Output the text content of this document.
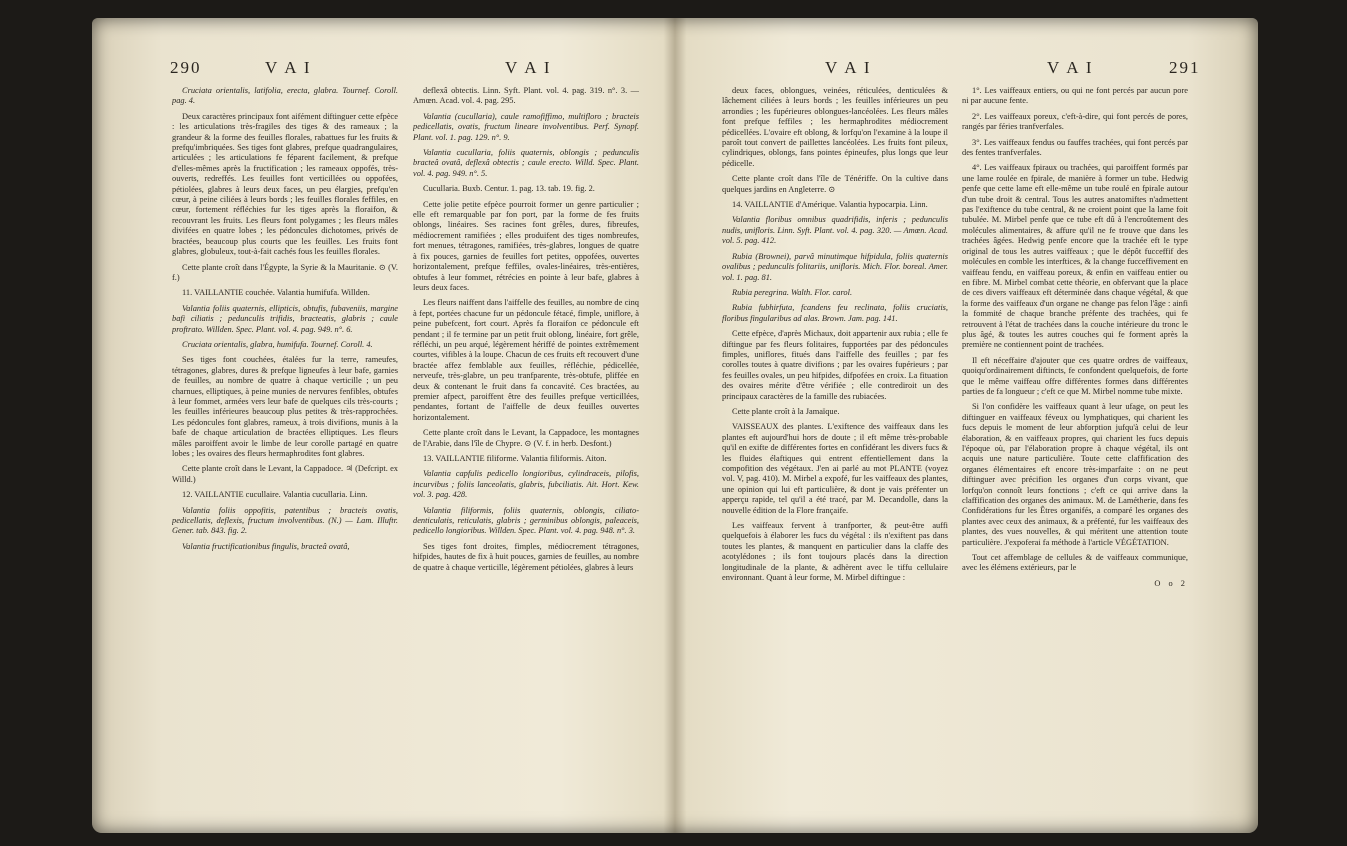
290	V A I	V A I

Cruciata orientalis, latifolia, erecta, glabra. Tournef. Coroll. pag. 4.

Deux caractères principaux font aifément diftinguer cette efpèce : les articulations très-fragiles des tiges & des rameaux ; la grandeur & la forme des feuilles florales, rabattues fur les fruits & prefqu'imbriquées. Ses tiges font glabres, prefque quadrangulaires, articulées ; les articulations fe féparent facilement, & prefque d'elles-mêmes après la fructification ; les rameaux oppofés, très-ouverts, redreffés. Les feuilles font verticillées ou oppofées, pétiolées, glabres à leurs deux faces, un peu élargies, prefqu'en cœur, à peine ciliées à leurs bords ; les feuilles florales feffiles, en cœur, fortement réfléchies fur les tiges après la floraifon, & recouvrant les fruits. Les fleurs font polygames ; les fleurs mâles divifées en quatre lobes ; les pédoncules dichotomes, privés de bractées, beaucoup plus courts que les feuilles. Les fruits font glabres, globuleux, tout-à-fait cachés fous les feuilles florales.

Cette plante croît dans l'Égypte, la Syrie & la Mauritanie. ⊙ (V. f.)

11. VAILLANTIE couchée. Valantia humifufa. Willden.

Valantia foliis quaternis, ellipticis, obtufis, fubaveniis, margine bafi ciliatis ; pedunculis trifidis, bracteatis, glabris ; caule proftrato. Willden. Spec. Plant. vol. 4. pag. 949. n°. 6.

Cruciata orientalis, glabra, humifufa. Tournef. Coroll. 4.

Ses tiges font couchées, étalées fur la terre, rameufes, tétragones, glabres, dures & prefque ligneufes à leur bafe, garnies de feuilles, au nombre de quatre à chaque verticille ; un peu charnues, elliptiques, à peine munies de nervures fenfibles, obtufes à leur fommet, armées vers leur bafe de quelques cils très-courts ; les feuilles inférieures beaucoup plus petites & très-rapprochées. Les pédoncules font glabres, rameux, à trois divifions, munis à la bafe de chaque articulation de bractées elliptiques. Les fleurs mâles paroiffent avoir le limbe de leur corolle partagé en quatre lobes ; les ovaires des fleurs hermaphrodites font glabres.

Cette plante croît dans le Levant, la Cappadoce. ♃ (Defcript. ex Willd.)

12. VAILLANTIE cucullaire. Valantia cucullaria. Linn.

Valantia foliis oppofitis, patentibus ; bracteis ovatis, pedicellatis, deflexis, fructum involventibus. (N.) — Lam. Illuftr. Gener. tab. 843. fig. 2.

Valantia fructificationibus fingulis, bracteâ ovatâ,

deflexâ obtectis. Linn. Syft. Plant. vol. 4. pag. 319. n°. 3. — Amœn. Acad. vol. 4. pag. 295.

Valantia (cucullaria), caule ramofiffimo, multifloro ; bracteis pedicellatis, ovatis, fructum lineare involventibus. Perf. Synopf. Plant. vol. 1. pag. 129. n°. 9.

Valantia cucullaria, foliis quaternis, oblongis ; pedunculis bracteâ ovatâ, deflexâ obtectis ; caule erecto. Willd. Spec. Plant. vol. 4. pag. 949. n°. 5.

Cucullaria. Buxb. Centur. 1. pag. 13. tab. 19. fig. 2.

Cette jolie petite efpèce pourroit former un genre particulier ; elle eft remarquable par fon port, par la forme de fes fruits oblongs, linéaires. Ses racines font grêles, dures, fibreufes, médiocrement ramifiées ; elles produifent des tiges nombreufes, fort menues, tétragones, ramifiées, très-glabres, longues de quatre à fix pouces, garnies de feuilles fort petites, oppofées, ouvertes horizontalement, prefque feffiles, ovales-linéaires, très-entières, obtufes à leur fommet, rétrécies en pointe à leur bafe, glabres à leurs deux faces.

Les fleurs naiffent dans l'aiffelle des feuilles, au nombre de cinq à fept, portées chacune fur un pédoncule fétacé, fimple, uniflore, à peine pubefcent, fort court. Après fa floraifon ce pédoncule eft pendant ; il fe termine par un petit fruit oblong, linéaire, fort grêle, réfléchi, un peu arqué, légèrement hériffé de pointes extrêmement courtes, vifibles à la loupe. Chacun de ces fruits eft recouvert d'une bractée affez femblable aux feuilles, réfléchie, pédicellée, nerveufe, très-glabre, un peu tranfparente, très-obtufe, pliffée en deux & contenant le fruit dans fa concavité. Ces bractées, au premier afpect, paroiffent être des feuilles prefque verticillées, pendantes, fortant de l'aiffelle de deux feuilles ouvertes horizontalement.

Cette plante croît dans le Levant, la Cappadoce, les montagnes de l'Arabie, dans l'île de Chypre. ⊙ (V. f. in herb. Desfont.)

13. VAILLANTIE filiforme. Valantia filiformis. Aiton.

Valantia capfulis pedicello longioribus, cylindraceis, pilofis, incurvibus ; foliis lanceolatis, glabris, fubciliatis. Ait. Hort. Kew. vol. 3. pag. 428.

Valantia filiformis, foliis quaternis, oblongis, ciliato-denticulatis, reticulatis, glabris ; germinibus oblongis, paleaceis, pedicello longioribus. Willden. Spec. Plant. vol. 4. pag. 948. n°. 3.

Ses tiges font droites, fimples, médiocrement tétragones, hifpides, hautes de fix à huit pouces, garnies de feuilles, au nombre de quatre à chaque verticille, légèrement pétiolées, glabres à leurs

V A I	V A I	291

deux faces, oblongues, veinées, réticulées, denticulées & lâchement ciliées à leurs bords ; les feuilles inférieures un peu arrondies ; les fupérieures oblongues-lancéolées. Les fleurs mâles font prefque feffiles ; les hermaphrodites médiocrement pédicellées. L'ovaire eft oblong, & lorfqu'on l'examine à la loupe il paroît tout convert de paillettes lancéolées. Les fruits font pileux, cylindriques, oblongs, fans pointes épineufes, plus longs que leur pédicelle.

Cette plante croît dans l'île de Ténériffe. On la cultive dans quelques jardins en Angleterre. ⊙

14. VAILLANTIE d'Amérique. Valantia hypocarpia. Linn.

Valantia floribus omnibus quadrifidis, inferis ; pedunculis nudis, unifloris. Linn. Syft. Plant. vol. 4. pag. 320. — Amœn. Acad. vol. 5. pag. 412.

Rubia (Brownei), parvâ minutimque hifpidula, foliis quaternis ovalibus ; pedunculis folitariis, unifloris. Mich. Flor. boreal. Amer. vol. 1. pag. 81.

Rubia peregrina. Walth. Flor. carol.

Rubia fubhirfuta, fcandens feu reclinata, foliis cruciatis, floribus fingularibus ad alas. Brown. Jam. pag. 141.

Cette efpèce, d'après Michaux, doit appartenir aux rubia ; elle fe diftingue par fes fleurs folitaires, fupportées par des pédoncules fimples, uniflores, fitués dans l'aiffelle des feuilles ; par fes corolles toutes à quatre divifions ; par les ovaires fupérieurs ; par fes feuilles ovales, un peu hifpides, difpofées en croix. La fituation des ovaires mérite d'être vérifiée ; elle contrediroit un des principaux caractères de la famille des rubiacées.

Cette plante croît à la Jamaïque.

VAISSEAUX des plantes. L'exiftence des vaiffeaux dans les plantes eft aujourd'hui hors de doute ; il eft même très-probable qu'il en exifte de différentes fortes en confidérant les divers fucs & les fluides élaftiques qui entrent effentiellement dans la compofition des végétaux. J'en ai parlé au mot PLANTE (voyez vol. V, pag. 410). M. Mirbel a expofé, fur les vaiffeaux des plantes, une opinion qui lui eft particulière, & dont je vais préfenter un apperçu rapide, tel qu'il a été tracé, par M. Decandolle, dans la nouvelle édition de la Flore françaife.

Les vaiffeaux fervent à tranfporter, & peut-être auffi quelquefois à élaborer les fucs du végétal : ils n'exiftent pas dans toutes les plantes, & manquent en particulier dans la claffe des acotylédones ; ils font toujours placés dans la direction longitudinale de la plante, & adhèrent avec le tiffu cellulaire environnant. Quant à leur forme, M. Mirbel diftingue :

1°. Les vaiffeaux entiers, ou qui ne font percés par aucun pore ni par aucune fente.

2°. Les vaiffeaux poreux, c'eft-à-dire, qui font percés de pores, rangés par féries tranfverfales.

3°. Les vaiffeaux fendus ou fauffes trachées, qui font percés par des fentes tranfverfales.

4°. Les vaiffeaux fpiraux ou trachées, qui paroiffent formés par une lame roulée en fpirale, de manière à former un tube. Hedwig penfe que cette lame eft elle-même un tube roulé en fpirale autour d'un tube droit & central. Tous les autres anatomiftes n'admettent pas l'exiftence du tube central, & ne croient point que la lame foit tubulée. M. Mirbel penfe que ce tube eft dû à l'encroûtement des molécules alimentaires, & affure qu'il ne fe trouve que dans les trachées âgées. Hedwig penfe encore que la trachée eft le type original de tous les autres vaiffeaux ; que le dépôt fucceffif des molécules en comble les interftices, & la change fucceffivement en vaiffeau fendu, en vaiffeau poreux, & enfin en vaiffeau entier ou en fibre. M. Mirbel combat cette théorie, en obfervant que la place de ces divers vaiffeaux eft déterminée dans chaque végétal, & que la forme des vaiffeaux d'un organe ne change pas felon l'âge : ainfi la fommité de chaque branche préfente des trachées, qui fe retrouvent à l'état de trachées dans la couche intérieure du tronc le plus âgé, & toutes les autres couches qui fe forment après la première ne contiennent point de trachées.

Il eft néceffaire d'ajouter que ces quatre ordres de vaiffeaux, quoiqu'ordinairement diftincts, fe confondent quelquefois, de forte que le même vaiffeau offre différentes formes dans différentes parties de fa longueur ; c'eft ce que M. Mirbel nomme tube mixte.

Si l'on confidère les vaiffeaux quant à leur ufage, on peut les diftinguer en vaiffeaux féveux ou lymphatiques, qui charient les fucs depuis le moment de leur abforption jufqu'à celui de leur élaboration, & en vaiffeaux propres, qui charient les fucs depuis l'époque où, par l'élaboration propre à chaque végétal, ils ont acquis une nature particulière. Toute cette claffification des organes élémentaires eft encore très-imparfaite : on ne peut diftinguer avec précifion les organes d'un corps vivant, que lorfqu'on connoît leurs fonctions ; c'eft ce qui arrive dans la claffification des organes des animaux. M. de Lamétherie, dans fes Confidérations fur les Êtres organifés, a comparé les organes des plantes avec ceux des animaux, & a préfenté, fur les vaiffeaux des plantes, des vues nouvelles, & qui méritent une attention toute particulière. J'expoferai fa méthode à l'article VÉGÉTATION.

Tout cet affemblage de cellules & de vaiffeaux communique, avec les élémens extérieurs, par le

O o 2
